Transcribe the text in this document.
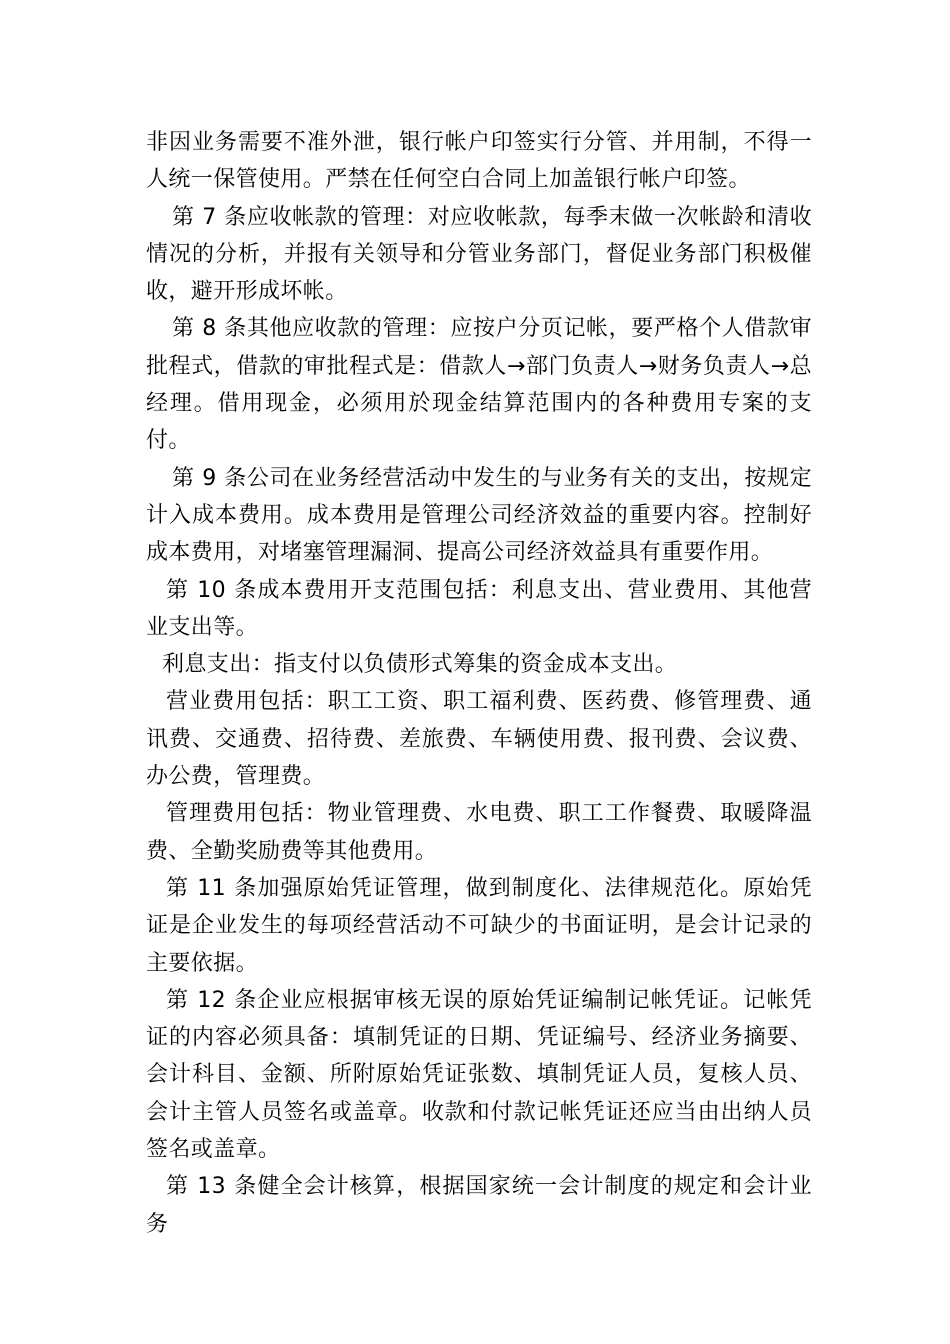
非因业务需要不准外泄，银行帐户印签实行分管、并用制，不得一人统一保管使用。严禁在任何空白合同上加盖银行帐户印签。

第 7 条应收帐款的管理：对应收帐款，每季末做一次帐龄和清收情况的分析，并报有关领导和分管业务部门，督促业务部门积极催收，避开形成坏帐。

第 8 条其他应收款的管理：应按户分页记帐，要严格个人借款审批程式，借款的审批程式是：借款人→部门负责人→财务负责人→总经理。借用现金，必须用於现金结算范围内的各种费用专案的支付。

第 9 条公司在业务经营活动中发生的与业务有关的支出，按规定计入成本费用。成本费用是管理公司经济效益的重要内容。控制好成本费用，对堵塞管理漏洞、提高公司经济效益具有重要作用。

第 10 条成本费用开支范围包括：利息支出、营业费用、其他营业支出等。

利息支出：指支付以负债形式筹集的资金成本支出。

营业费用包括：职工工资、职工福利费、医药费、修管理费、通讯费、交通费、招待费、差旅费、车辆使用费、报刊费、会议费、办公费，管理费。

管理费用包括：物业管理费、水电费、职工工作餐费、取暖降温费、全勤奖励费等其他费用。

第 11 条加强原始凭证管理，做到制度化、法律规范化。原始凭证是企业发生的每项经营活动不可缺少的书面证明，是会计记录的主要依据。

第 12 条企业应根据审核无误的原始凭证编制记帐凭证。记帐凭证的内容必须具备：填制凭证的日期、凭证编号、经济业务摘要、会计科目、金额、所附原始凭证张数、填制凭证人员，复核人员、会计主管人员签名或盖章。收款和付款记帐凭证还应当由出纳人员签名或盖章。

第 13 条健全会计核算，根据国家统一会计制度的规定和会计业务
